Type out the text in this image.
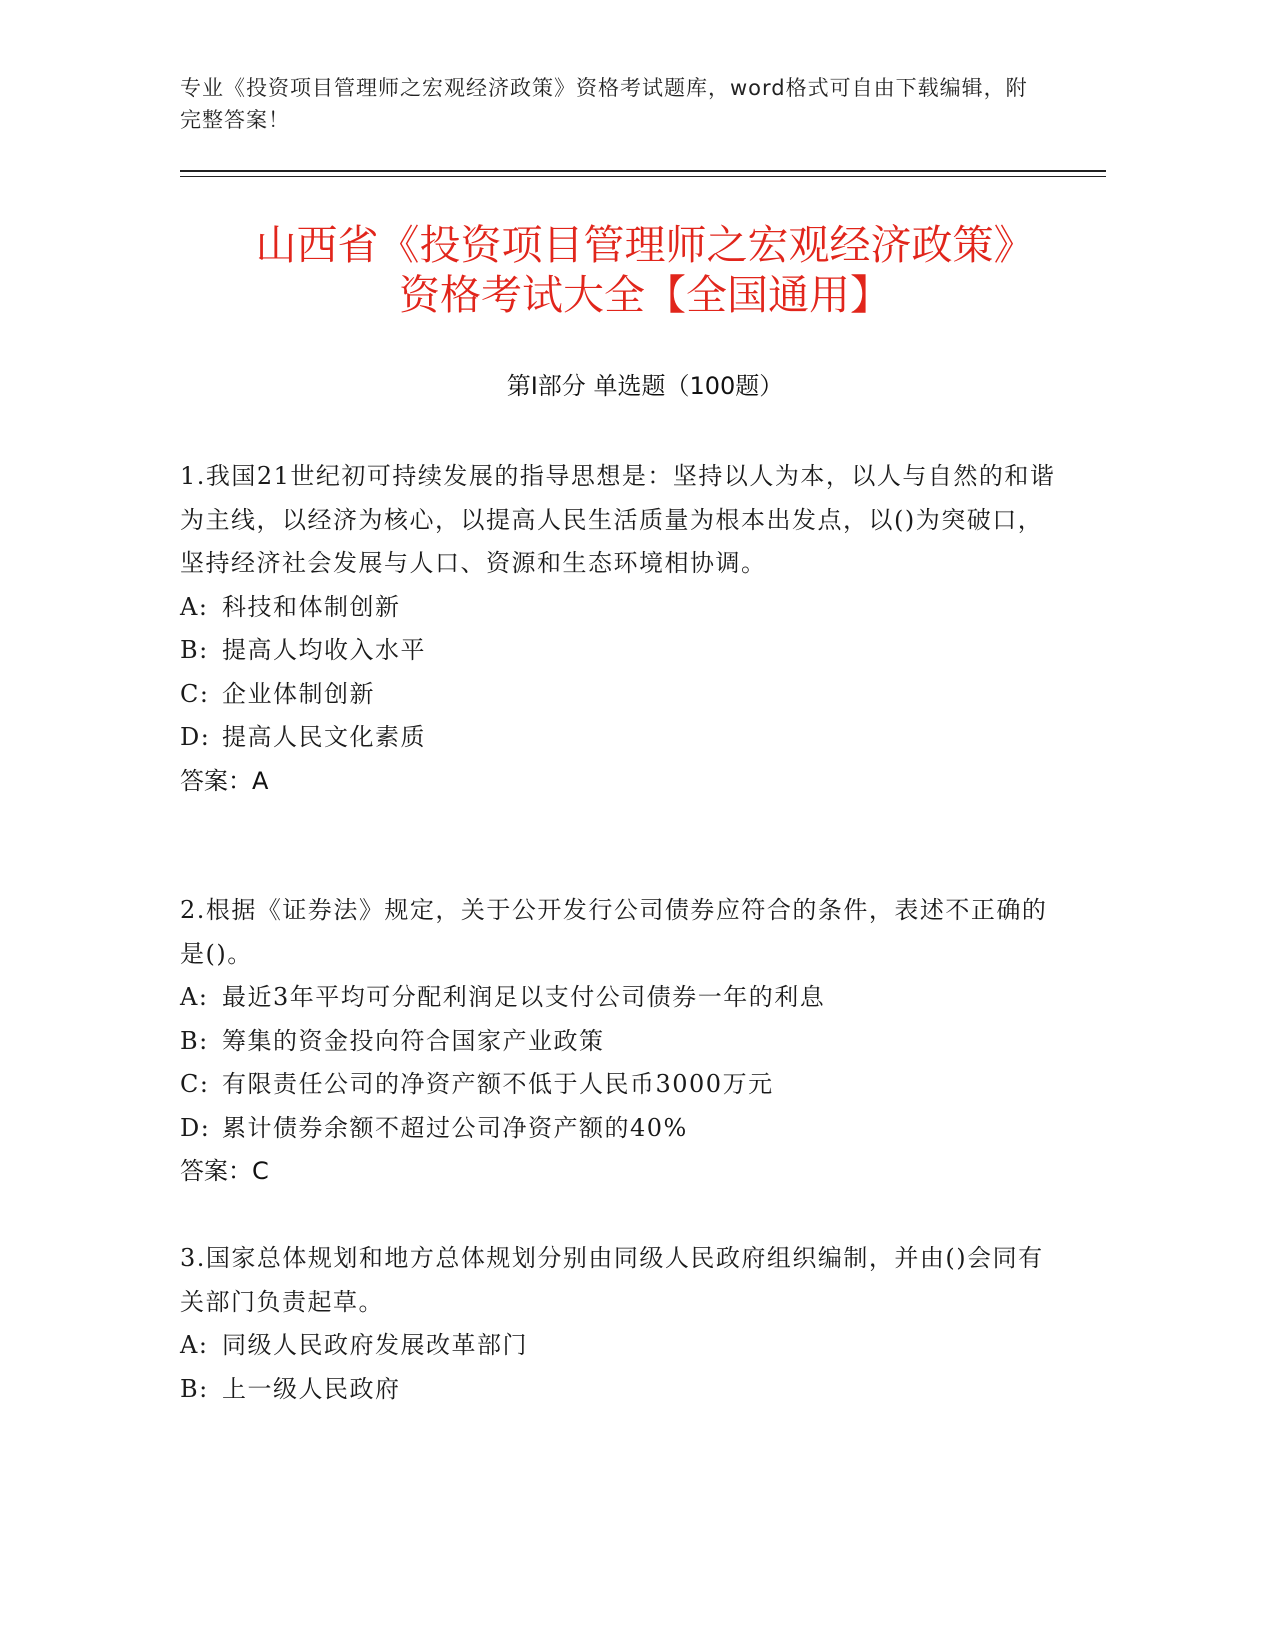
专业《投资项目管理师之宏观经济政策》资格考试题库，word格式可自由下载编辑，附完整答案！
山西省《投资项目管理师之宏观经济政策》
资格考试大全【全国通用】
第Ⅰ部分 单选题（100题）

1.我国21世纪初可持续发展的指导思想是：坚持以人为本，以人与自然的和谐为主线，以经济为核心，以提高人民生活质量为根本出发点，以()为突破口，坚持经济社会发展与人口、资源和生态环境相协调。

A: 科技和体制创新

B: 提高人均收入水平

C: 企业体制创新

D: 提高人民文化素质

答案：A

2.根据《证券法》规定，关于公开发行公司债券应符合的条件，表述不正确的是()。

A: 最近3年平均可分配利润足以支付公司债券一年的利息

B: 筹集的资金投向符合国家产业政策

C: 有限责任公司的净资产额不低于人民币3000万元

D: 累计债券余额不超过公司净资产额的40%

答案：C

3.国家总体规划和地方总体规划分别由同级人民政府组织编制，并由()会同有关部门负责起草。

A: 同级人民政府发展改革部门

B: 上一级人民政府
